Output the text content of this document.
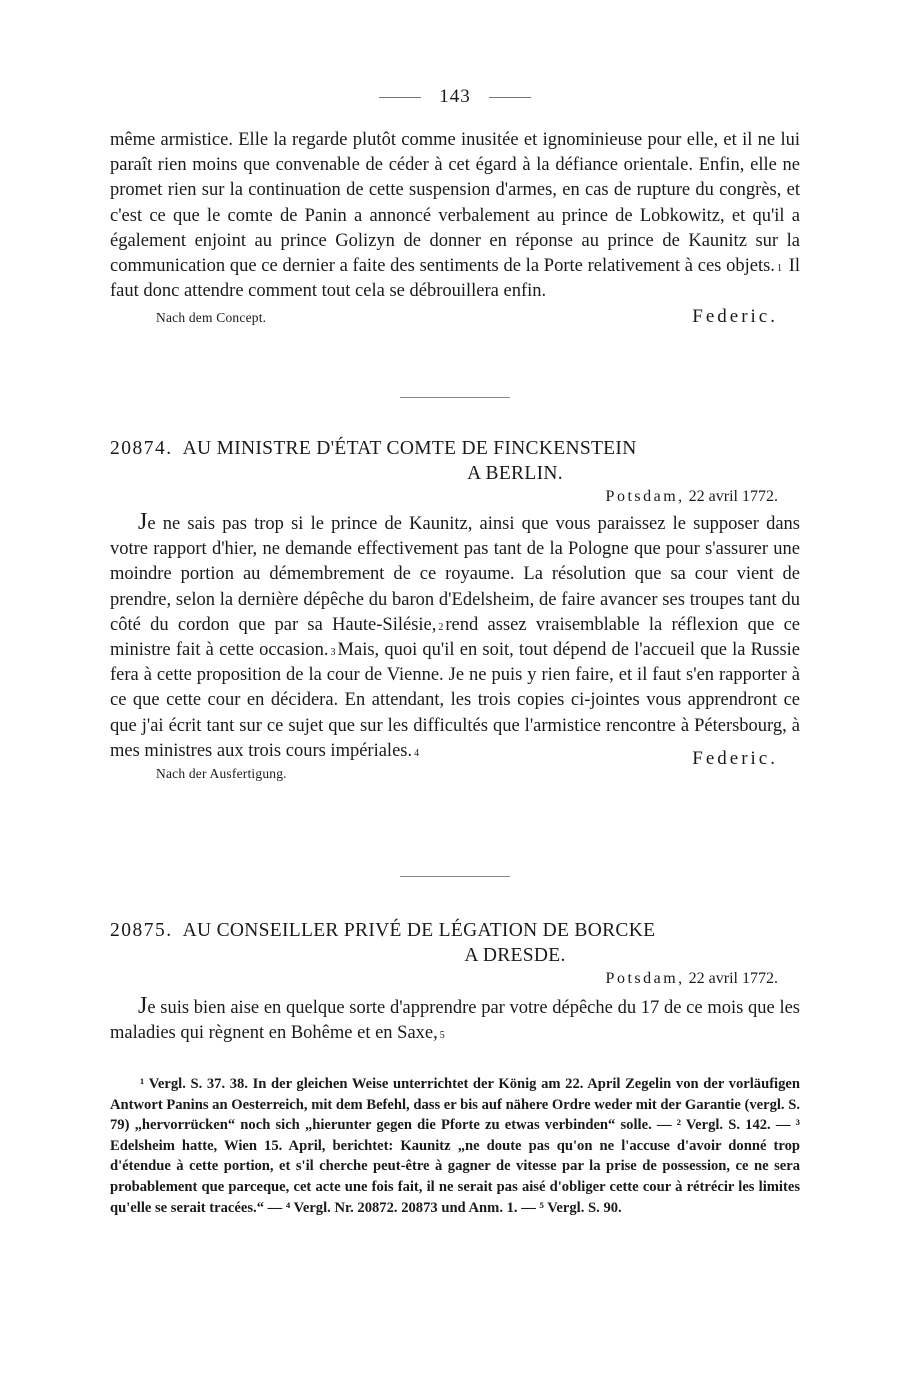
143

même armistice. Elle la regarde plutôt comme inusitée et ignominieuse pour elle, et il ne lui paraît rien moins que convenable de céder à cet égard à la défiance orientale. Enfin, elle ne promet rien sur la continuation de cette suspension d'armes, en cas de rupture du congrès, et c'est ce que le comte de Panin a annoncé verbalement au prince de Lobkowitz, et qu'il a également enjoint au prince Golizyn de donner en réponse au prince de Kaunitz sur la communication que ce dernier a faite des sentiments de la Porte relativement à ces objets. $^1$ Il faut donc attendre comment tout cela se débrouillera enfin.

Nach dem Concept.	Federic.
20874. AU MINISTRE D'ÉTAT COMTE DE FINCKENSTEIN
A BERLIN.
Potsdam, 22 avril 1772.

Je ne sais pas trop si le prince de Kaunitz, ainsi que vous paraissez le supposer dans votre rapport d'hier, ne demande effectivement pas tant de la Pologne que pour s'assurer une moindre portion au démembrement de ce royaume. La résolution que sa cour vient de prendre, selon la dernière dépêche du baron d'Edelsheim, de faire avancer ses troupes tant du côté du cordon que par sa Haute-Silésie, $^2$ rend assez vraisemblable la réflexion que ce ministre fait à cette occasion. $^3$ Mais, quoi qu'il en soit, tout dépend de l'accueil que la Russie fera à cette proposition de la cour de Vienne. Je ne puis y rien faire, et il faut s'en rapporter à ce que cette cour en décidera. En attendant, les trois copies ci-jointes vous apprendront ce que j'ai écrit tant sur ce sujet que sur les difficultés que l'armistice rencontre à Pétersbourg, à mes ministres aux trois cours impériales. $^4$

Nach der Ausfertigung.
Federic.
20875. AU CONSEILLER PRIVÉ DE LÉGATION DE BORCKE
A DRESDE.
Potsdam, 22 avril 1772.

Je suis bien aise en quelque sorte d'apprendre par votre dépêche du 17 de ce mois que les maladies qui règnent en Bohême et en Saxe, $^5$

¹ Vergl. S. 37. 38. In der gleichen Weise unterrichtet der König am 22. April Zegelin von der vorläufigen Antwort Panins an Oesterreich, mit dem Befehl, dass er bis auf nähere Ordre weder mit der Garantie (vergl. S. 79) „hervorrücken“ noch sich „hierunter gegen die Pforte zu etwas verbinden“ solle. — ² Vergl. S. 142. — ³ Edelsheim hatte, Wien 15. April, berichtet: Kaunitz „ne doute pas qu'on ne l'accuse d'avoir donné trop d'étendue à cette portion, et s'il cherche peut-être à gagner de vitesse par la prise de possession, ce ne sera probablement que parceque, cet acte une fois fait, il ne serait pas aisé d'obliger cette cour à rétrécir les limites qu'elle se serait tracées.“ — ⁴ Vergl. Nr. 20872. 20873 und Anm. 1. — ⁵ Vergl. S. 90.
